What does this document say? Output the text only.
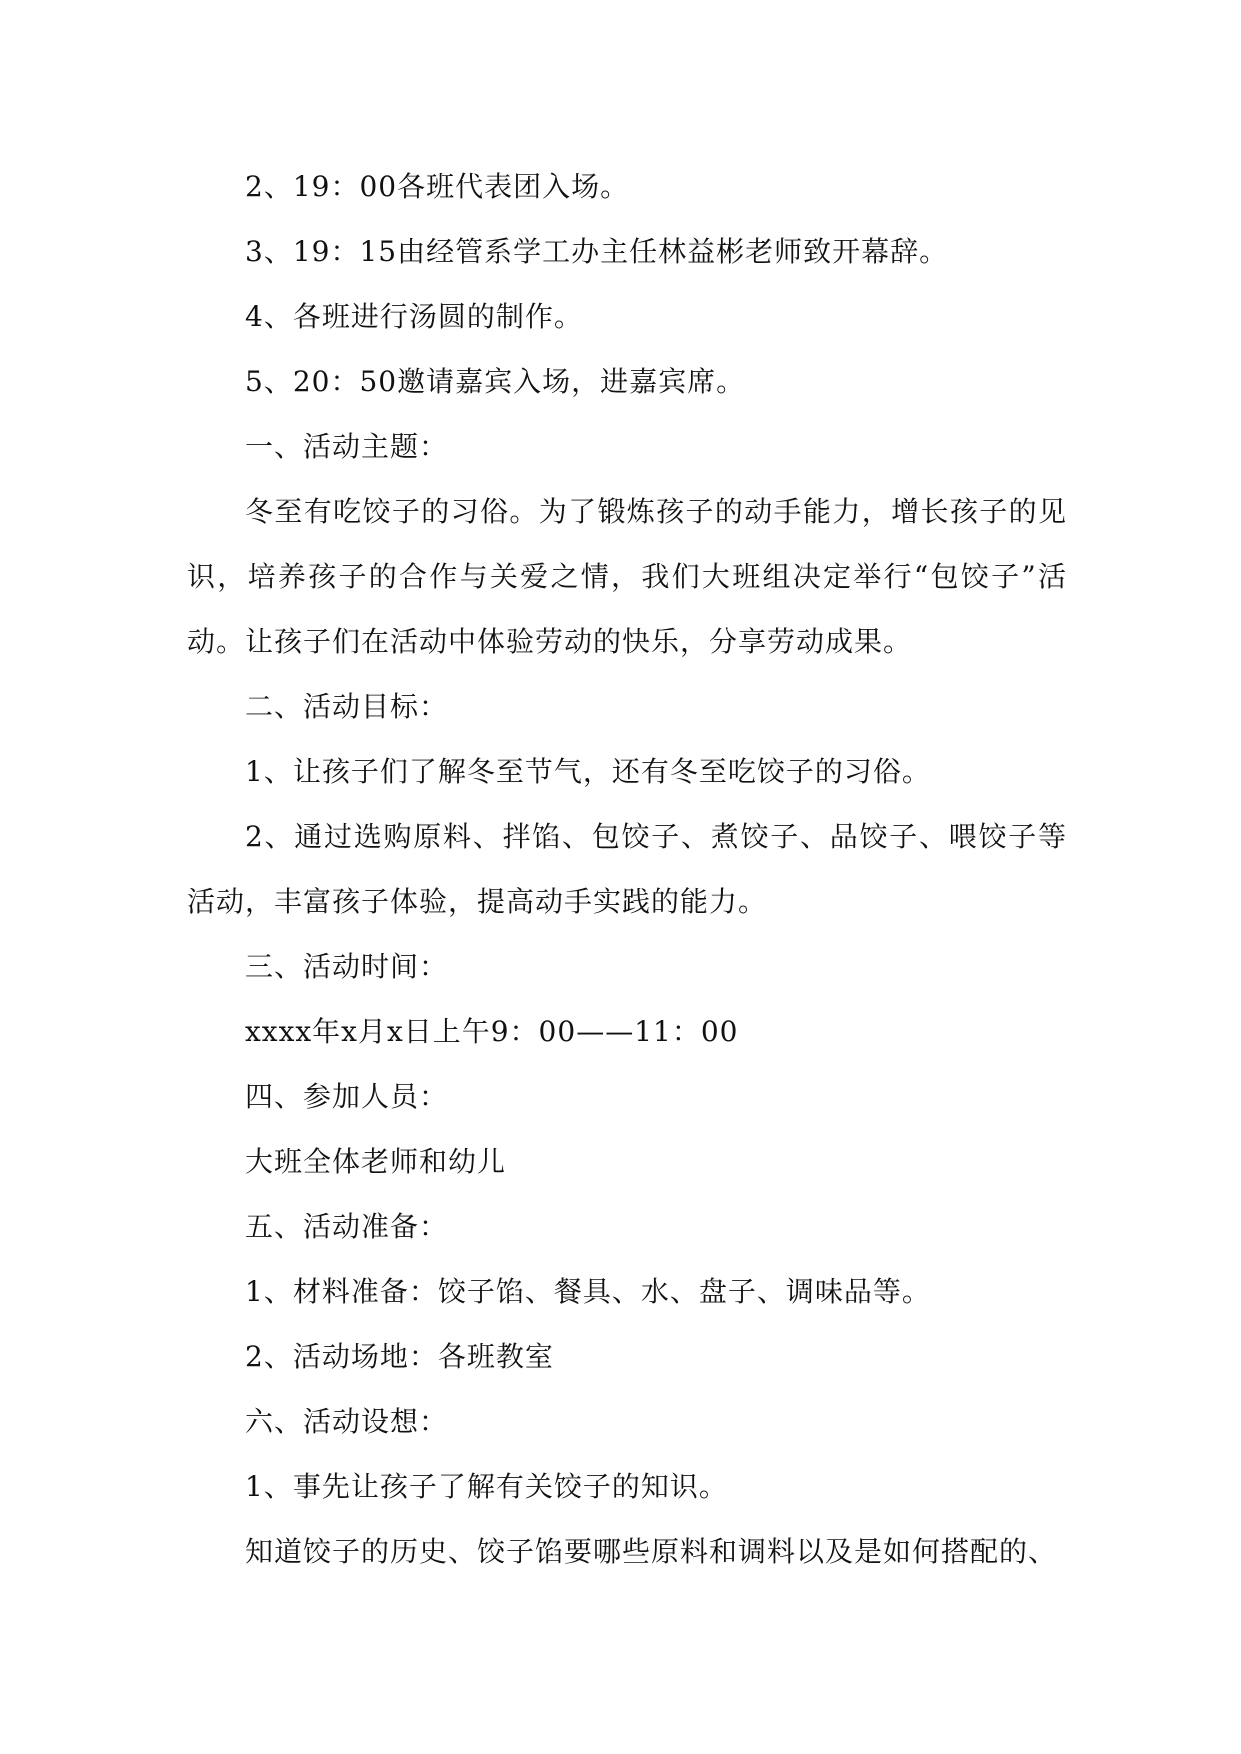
2、19：00各班代表团入场。

3、19：15由经管系学工办主任林益彬老师致开幕辞。

4、各班进行汤圆的制作。

5、20：50邀请嘉宾入场，进嘉宾席。

一、活动主题：

冬至有吃饺子的习俗。为了锻炼孩子的动手能力，增长孩子的见识，培养孩子的合作与关爱之情，我们大班组决定举行“包饺子”活动。让孩子们在活动中体验劳动的快乐，分享劳动成果。

二、活动目标：

1、让孩子们了解冬至节气，还有冬至吃饺子的习俗。

2、通过选购原料、拌馅、包饺子、煮饺子、品饺子、喂饺子等活动，丰富孩子体验，提高动手实践的能力。

三、活动时间：

xxxx年x月x日上午9：00——11：00

四、参加人员：

大班全体老师和幼儿

五、活动准备：

1、材料准备：饺子馅、餐具、水、盘子、调味品等。

2、活动场地：各班教室

六、活动设想：

1、事先让孩子了解有关饺子的知识。

知道饺子的历史、饺子馅要哪些原料和调料以及是如何搭配的、
